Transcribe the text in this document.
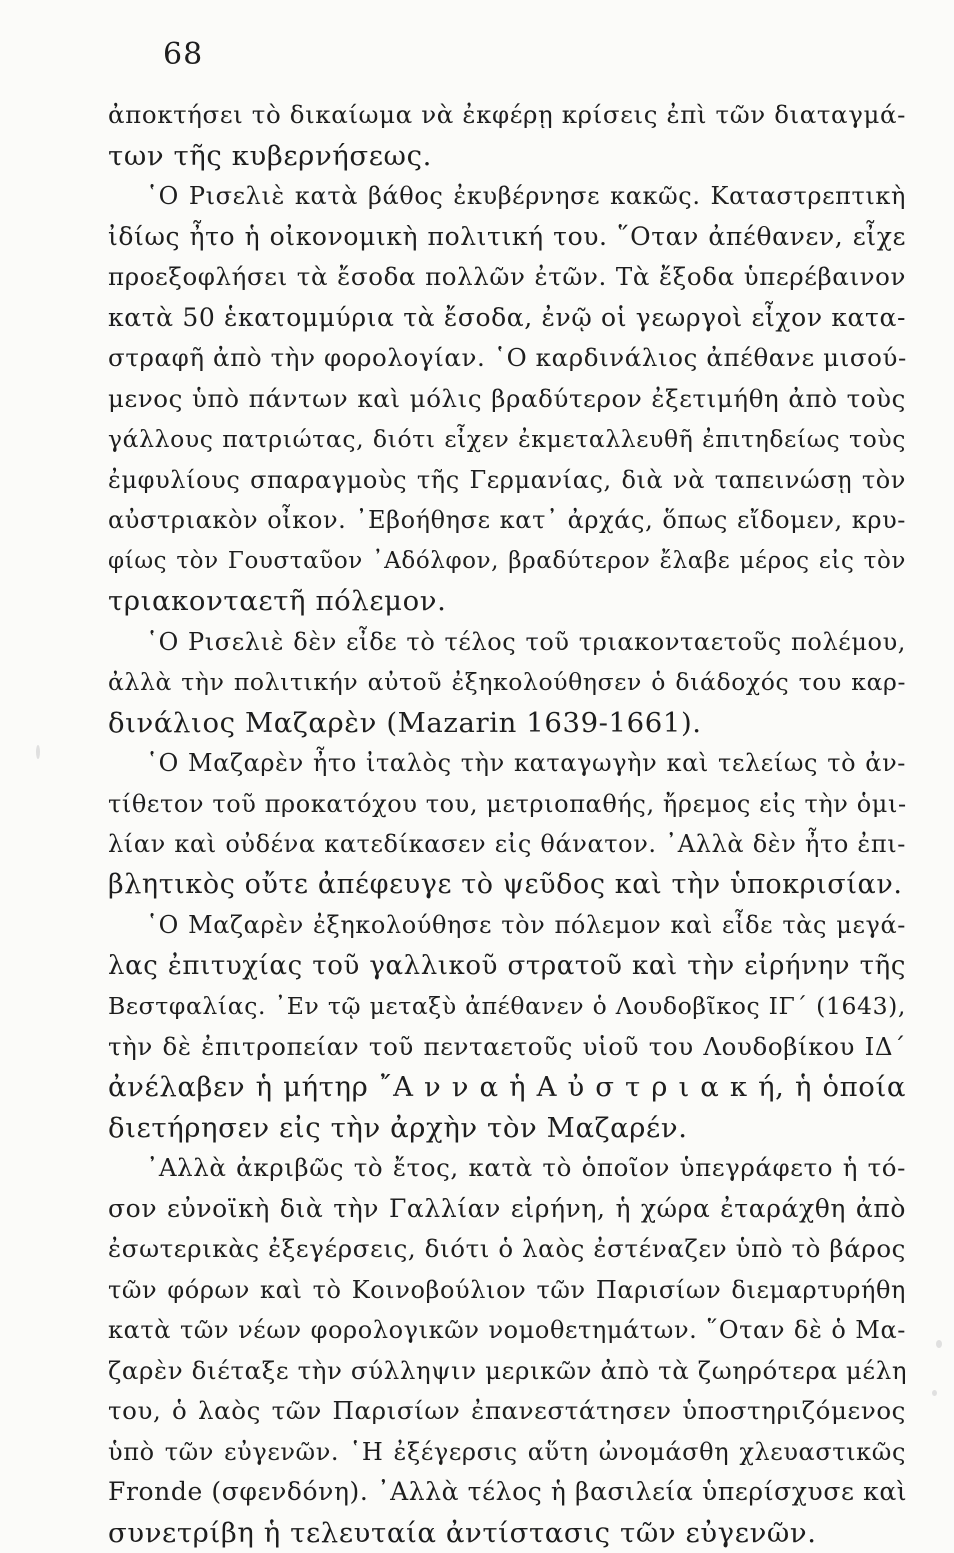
68
ἀποκτήσει τὸ δικαίωμα νὰ ἐκφέρῃ κρίσεις ἐπὶ τῶν διαταγμά-
των τῆς κυβερνήσεως.
῾Ο Ρισελιὲ κατὰ βάθος ἐκυβέρνησε κακῶς. Καταστρεπτικὴ
ἰδίως ἦτο ἡ οἰκονομικὴ πολιτική του. ῞Οταν ἀπέθανεν, εἶχε
προεξοφλήσει τὰ ἔσοδα πολλῶν ἐτῶν. Τὰ ἔξοδα ὑπερέβαινον
κατὰ 50 ἑκατομμύρια τὰ ἔσοδα, ἐνῷ οἱ γεωργοὶ εἶχον κατα-
στραφῆ ἀπὸ τὴν φορολογίαν. ῾Ο καρδινάλιος ἀπέθανε μισού-
μενος ὑπὸ πάντων καὶ μόλις βραδύτερον ἐξετιμήθη ἀπὸ τοὺς
γάλλους πατριώτας, διότι εἶχεν ἐκμεταλλευθῆ ἐπιτηδείως τοὺς
ἐμφυλίους σπαραγμοὺς τῆς Γερμανίας, διὰ νὰ ταπεινώσῃ τὸν
αὐστριακὸν οἶκον. ᾿Εβοήθησε κατ᾿ ἀρχάς, ὅπως εἴδομεν, κρυ-
φίως τὸν Γουσταῦον ᾿Αδόλφον, βραδύτερον ἔλαβε μέρος εἰς τὸν
τριακονταετῆ πόλεμον.
῾Ο Ρισελιὲ δὲν εἶδε τὸ τέλος τοῦ τριακονταετοῦς πολέμου,
ἀλλὰ τὴν πολιτικήν αὐτοῦ ἐξηκολούθησεν ὁ διάδοχός του καρ-
δινάλιος Μαζαρὲν (Mazarin 1639-1661).
῾Ο Μαζαρὲν ἦτο ἰταλὸς τὴν καταγωγὴν καὶ τελείως τὸ ἀν-
τίθετον τοῦ προκατόχου του, μετριοπαθής, ἤρεμος εἰς τὴν ὁμι-
λίαν καὶ οὐδένα κατεδίκασεν εἰς θάνατον. ᾿Αλλὰ δὲν ἦτο ἐπι-
βλητικὸς οὔτε ἀπέφευγε τὸ ψεῦδος καὶ τὴν ὑποκρισίαν.
῾Ο Μαζαρὲν ἐξηκολούθησε τὸν πόλεμον καὶ εἶδε τὰς μεγά-
λας ἐπιτυχίας τοῦ γαλλικοῦ στρατοῦ καὶ τὴν εἰρήνην τῆς
Βεστφαλίας. ᾿Εν τῷ μεταξὺ ἀπέθανεν ὁ Λουδοβῖκος ΙΓ΄ (1643),
τὴν δὲ ἐπιτροπείαν τοῦ πενταετοῦς υἱοῦ του Λουδοβίκου ΙΔ΄
ἀνέλαβεν ἡ μήτηρ ῎Α ν ν α ἡ Α ὐ σ τ ρ ι α κ ή, ἡ ὁποία
διετήρησεν εἰς τὴν ἀρχὴν τὸν Μαζαρέν.
᾿Αλλὰ ἀκριβῶς τὸ ἔτος, κατὰ τὸ ὁποῖον ὑπεγράφετο ἡ τό-
σον εὐνοϊκὴ διὰ τὴν Γαλλίαν εἰρήνη, ἡ χώρα ἐταράχθη ἀπὸ
ἐσωτερικὰς ἐξεγέρσεις, διότι ὁ λαὸς ἐστέναζεν ὑπὸ τὸ βάρος
τῶν φόρων καὶ τὸ Κοινοβούλιον τῶν Παρισίων διεμαρτυρήθη
κατὰ τῶν νέων φορολογικῶν νομοθετημάτων. ῞Οταν δὲ ὁ Μα-
ζαρὲν διέταξε τὴν σύλληψιν μερικῶν ἀπὸ τὰ ζωηρότερα μέλη
του, ὁ λαὸς τῶν Παρισίων ἐπανεστάτησεν ὑποστηριζόμενος
ὑπὸ τῶν εὐγενῶν. ῾Η ἐξέγερσις αὕτη ὠνομάσθη χλευαστικῶς
Fronde (σφενδόνη). ᾿Αλλὰ τέλος ἡ βασιλεία ὑπερίσχυσε καὶ
συνετρίβη ἡ τελευταία ἀντίστασις τῶν εὐγενῶν.
